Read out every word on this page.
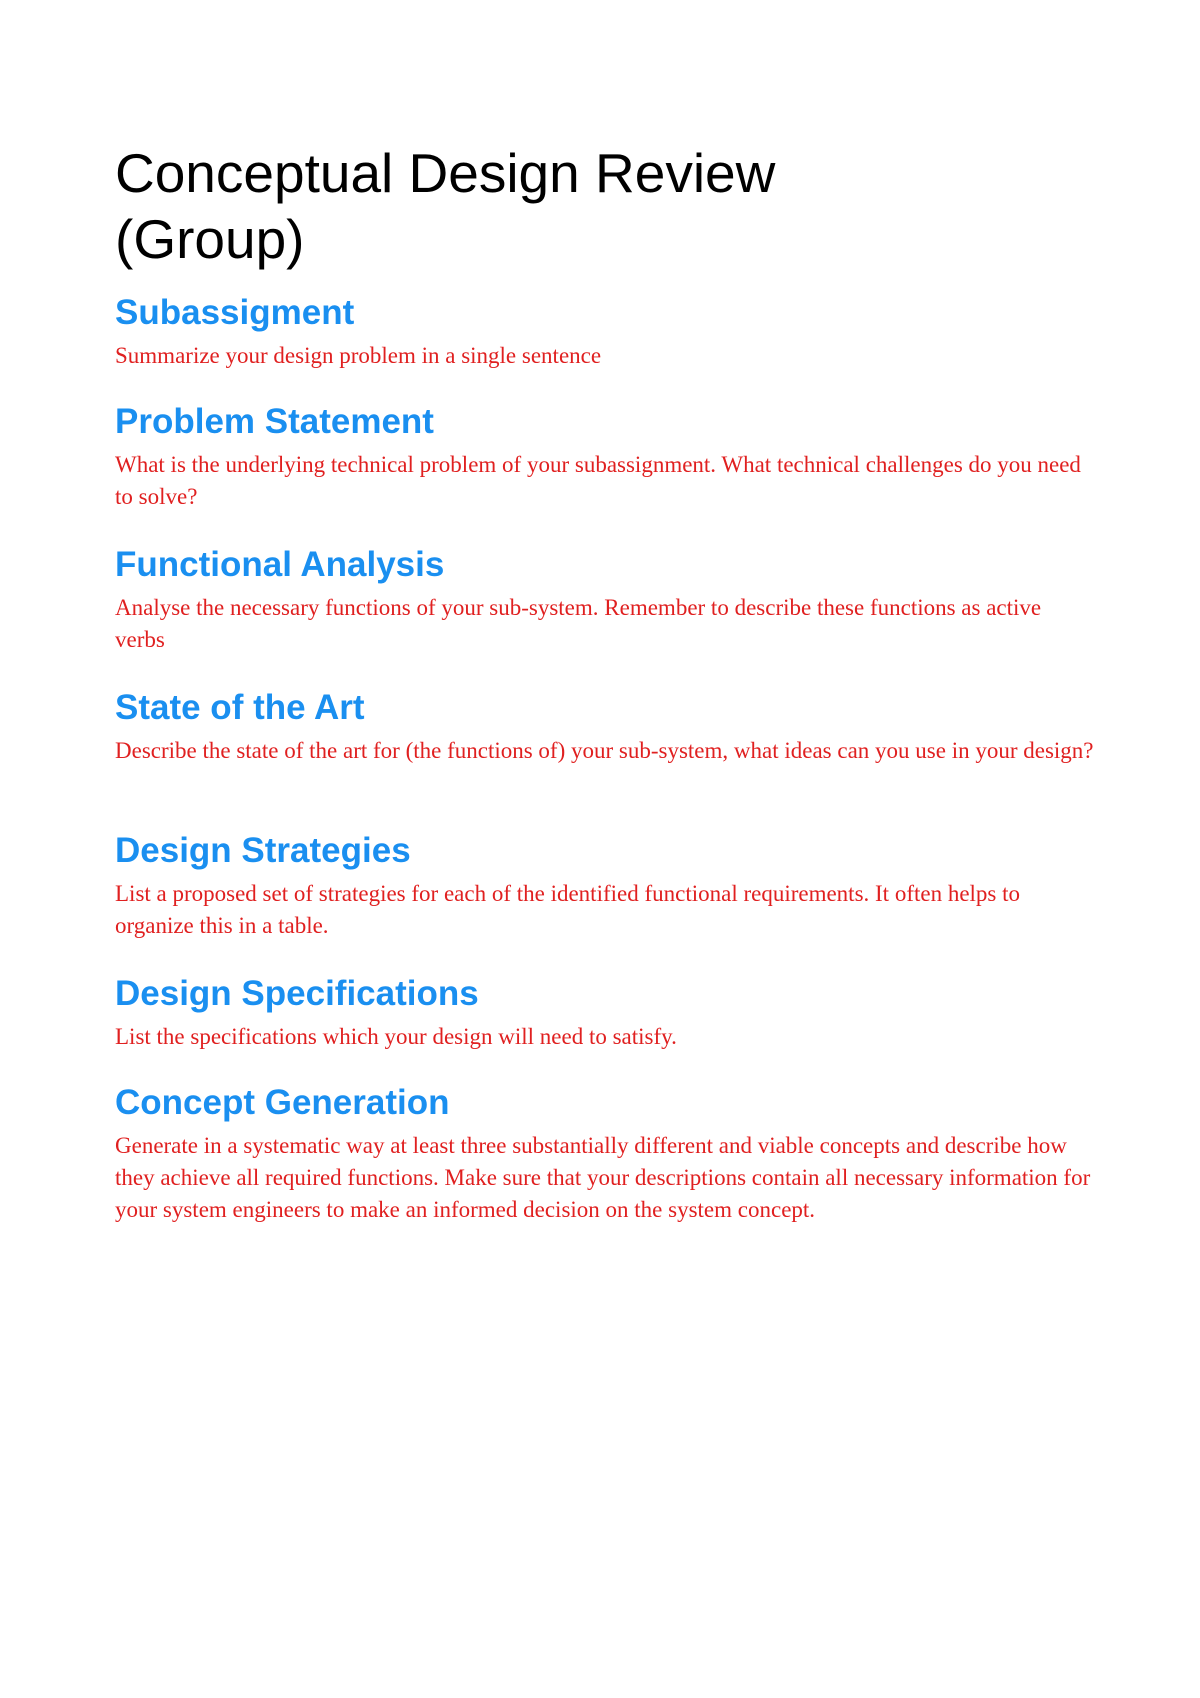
Conceptual Design Review
(Group)
Subassigment

Summarize your design problem in a single sentence

Problem Statement

What is the underlying technical problem of your subassignment. What technical challenges do you need to solve?

Functional Analysis

Analyse the necessary functions of your sub-system. Remember to describe these functions as active verbs

State of the Art

Describe the state of the art for (the functions of) your sub-system, what ideas can you use in your design?

Design Strategies

List a proposed set of strategies for each of the identified functional requirements. It often helps to organize this in a table.

Design Specifications

List the specifications which your design will need to satisfy.

Concept Generation

Generate in a systematic way at least three substantially different and viable concepts and describe how they achieve all required functions. Make sure that your descriptions contain all necessary information for your system engineers to make an informed decision on the system concept.
